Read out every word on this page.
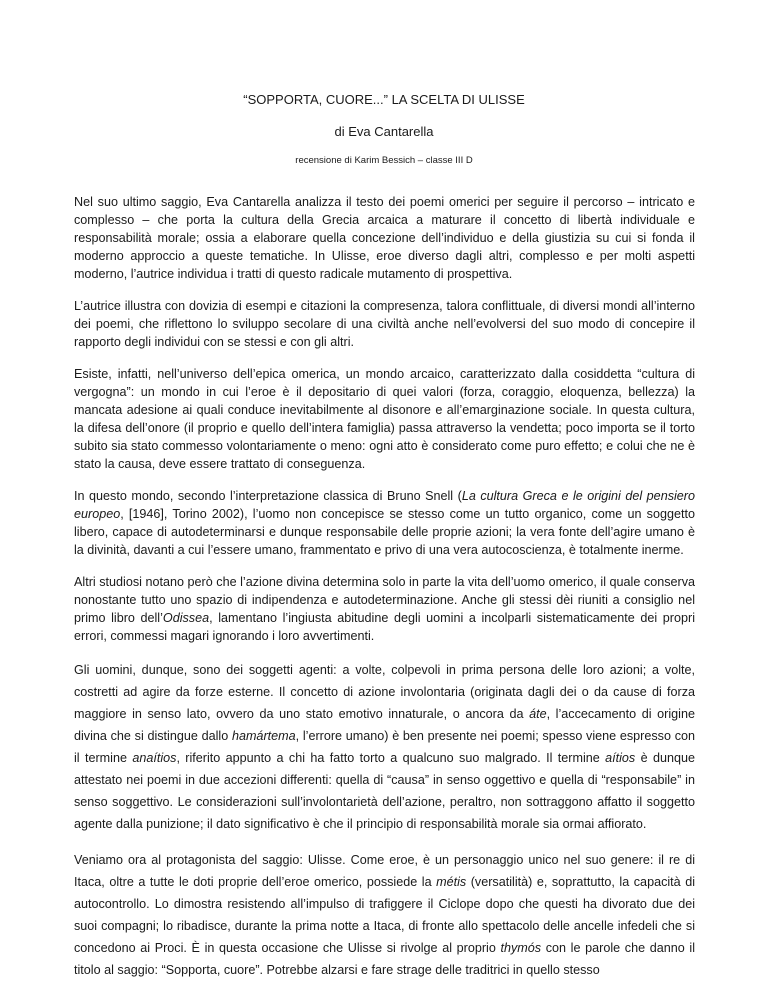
“SOPPORTA, CUORE...” LA SCELTA DI ULISSE
di Eva Cantarella
recensione di Karim Bessich – classe III D

Nel suo ultimo saggio, Eva Cantarella analizza il testo dei poemi omerici per seguire il percorso – intricato e complesso – che porta la cultura della Grecia arcaica a maturare il concetto di libertà individuale e responsabilità morale; ossia a elaborare quella concezione dell’individuo e della giustizia su cui si fonda il moderno approccio a queste tematiche. In Ulisse, eroe diverso dagli altri, complesso e per molti aspetti moderno, l’autrice individua i tratti di questo radicale mutamento di prospettiva.

L’autrice illustra con dovizia di esempi e citazioni la compresenza, talora conflittuale, di diversi mondi all’interno dei poemi, che riflettono lo sviluppo secolare di una civiltà anche nell’evolversi del suo modo di concepire il rapporto degli individui con se stessi e con gli altri.

Esiste, infatti, nell’universo dell’epica omerica, un mondo arcaico, caratterizzato dalla cosiddetta “cultura di vergogna”: un mondo in cui l’eroe è il depositario di quei valori (forza, coraggio, eloquenza, bellezza) la mancata adesione ai quali conduce inevitabilmente al disonore e all’emarginazione sociale. In questa cultura, la difesa dell’onore (il proprio e quello dell’intera famiglia) passa attraverso la vendetta; poco importa se il torto subito sia stato commesso volontariamente o meno: ogni atto è considerato come puro effetto; e colui che ne è stato la causa, deve essere trattato di conseguenza.

In questo mondo, secondo l’interpretazione classica di Bruno Snell (La cultura Greca e le origini del pensiero europeo, [1946], Torino 2002), l’uomo non concepisce se stesso come un tutto organico, come un soggetto libero, capace di autodeterminarsi e dunque responsabile delle proprie azioni; la vera fonte dell’agire umano è la divinità, davanti a cui l’essere umano, frammentato e privo di una vera autocoscienza, è totalmente inerme.

Altri studiosi notano però che l’azione divina determina solo in parte la vita dell’uomo omerico, il quale conserva nonostante tutto uno spazio di indipendenza e autodeterminazione. Anche gli stessi dèi riuniti a consiglio nel primo libro dell’Odissea, lamentano l’ingiusta abitudine degli uomini a incolparli sistematicamente dei propri errori, commessi magari ignorando i loro avvertimenti.

Gli uomini, dunque, sono dei soggetti agenti: a volte, colpevoli in prima persona delle loro azioni; a volte, costretti ad agire da forze esterne. Il concetto di azione involontaria (originata dagli dei o da cause di forza maggiore in senso lato, ovvero da uno stato emotivo innaturale, o ancora da áte, l’accecamento di origine divina che si distingue dallo hamártema, l’errore umano) è ben presente nei poemi; spesso viene espresso con il termine anaítios, riferito appunto a chi ha fatto torto a qualcuno suo malgrado. Il termine aítios è dunque attestato nei poemi in due accezioni differenti: quella di “causa” in senso oggettivo e quella di “responsabile” in senso soggettivo. Le considerazioni sull’involontarietà dell’azione, peraltro, non sottraggono affatto il soggetto agente dalla punizione; il dato significativo è che il principio di responsabilità morale sia ormai affiorato.

Veniamo ora al protagonista del saggio: Ulisse. Come eroe, è un personaggio unico nel suo genere: il re di Itaca, oltre a tutte le doti proprie dell’eroe omerico, possiede la métis (versatilità) e, soprattutto, la capacità di autocontrollo. Lo dimostra resistendo all’impulso di trafiggere il Ciclope dopo che questi ha divorato due dei suoi compagni; lo ribadisce, durante la prima notte a Itaca, di fronte allo spettacolo delle ancelle infedeli che si concedono ai Proci. È in questa occasione che Ulisse si rivolge al proprio thymós con le parole che danno il titolo al saggio: “Sopporta, cuore”. Potrebbe alzarsi e fare strage delle traditrici in quello stesso
